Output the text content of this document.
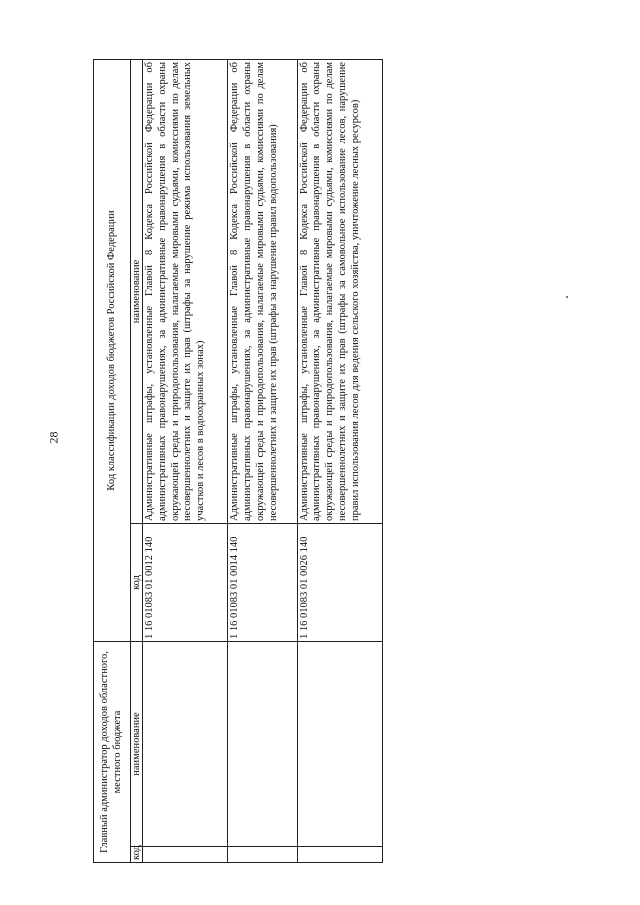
28
Главный администратор доходов областного, местного бюджета		Код классификации доходов бюджетов Российской Федерации	
код	наименование	код	наименование
		1 16 01083 01 0012 140	Административные штрафы, установленные Главой 8 Кодекса Российской Федерации об административных правонарушениях, за административные правонарушения в области охраны окружающей среды и природопользования, налагаемые мировыми судьями, комиссиями по делам несовершеннолетних и защите их прав (штрафы за нарушение режима использования земельных участков и лесов в водоохранных зонах)
		1 16 01083 01 0014 140	Административные штрафы, установленные Главой 8 Кодекса Российской Федерации об административных правонарушениях, за административные правонарушения в области охраны окружающей среды и природопользования, налагаемые мировыми судьями, комиссиями по делам несовершеннолетних и защите их прав (штрафы за нарушение правил водопользования)
		1 16 01083 01 0026 140	Административные штрафы, установленные Главой 8 Кодекса Российской Федерации об административных правонарушениях, за административные правонарушения в области охраны окружающей среды и природопользования, налагаемые мировыми судьями, комиссиями по делам несовершеннолетних и защите их прав (штрафы за самовольное использование лесов, нарушение правил использования лесов для ведения сельского хозяйства, уничтожение лесных ресурсов)
